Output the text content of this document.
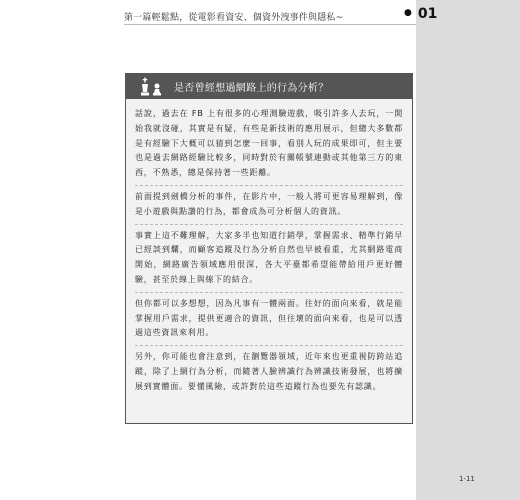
第一篇輕鬆點，從電影看資安、個資外洩事件與隱私~	● 01
是否曾經想過網路上的行為分析？

話說，過去在 FB 上有很多的心理測驗遊戲，吸引許多人去玩，一開始我就沒碰，其實是有疑，有些是新技術的應用展示，但總大多數都是有經驗下大概可以猜到怎麼一回事，看別人玩的成果即可，但主要也是過去網路經驗比較多，同時對於有關帳號連動或其他第三方的東西，不熟悉，總是保持著一些距離。

前面提到劍橋分析的事件，在影片中，一般人將可更容易理解到，像是小遊戲與點讚的行為，都會成為可分析個人的資訊。

事實上這不難理解，大家多半也知道行銷學，掌握需求、精準行銷早已經談到爛，而顧客追蹤及行為分析自然也早被看重，尤其網路電商開始，網路廣告領域應用很深，各大平臺都希望能帶給用戶更好體驗，甚至於線上與線下的結合。

但你都可以多想想，因為凡事有一體兩面。往好的面向來看，就是能掌握用戶需求，提供更適合的資訊，但往壞的面向來看，也是可以透過這些資訊來利用。

另外，你可能也會注意到，在瀏覽器領域，近年來也更重視防跨站追蹤，除了上網行為分析，而隨著人臉辨識行為辨識技術發展，也將擴展到實體面。要懂風險，或許對於這些追蹤行為也要先有認識。

1-11
